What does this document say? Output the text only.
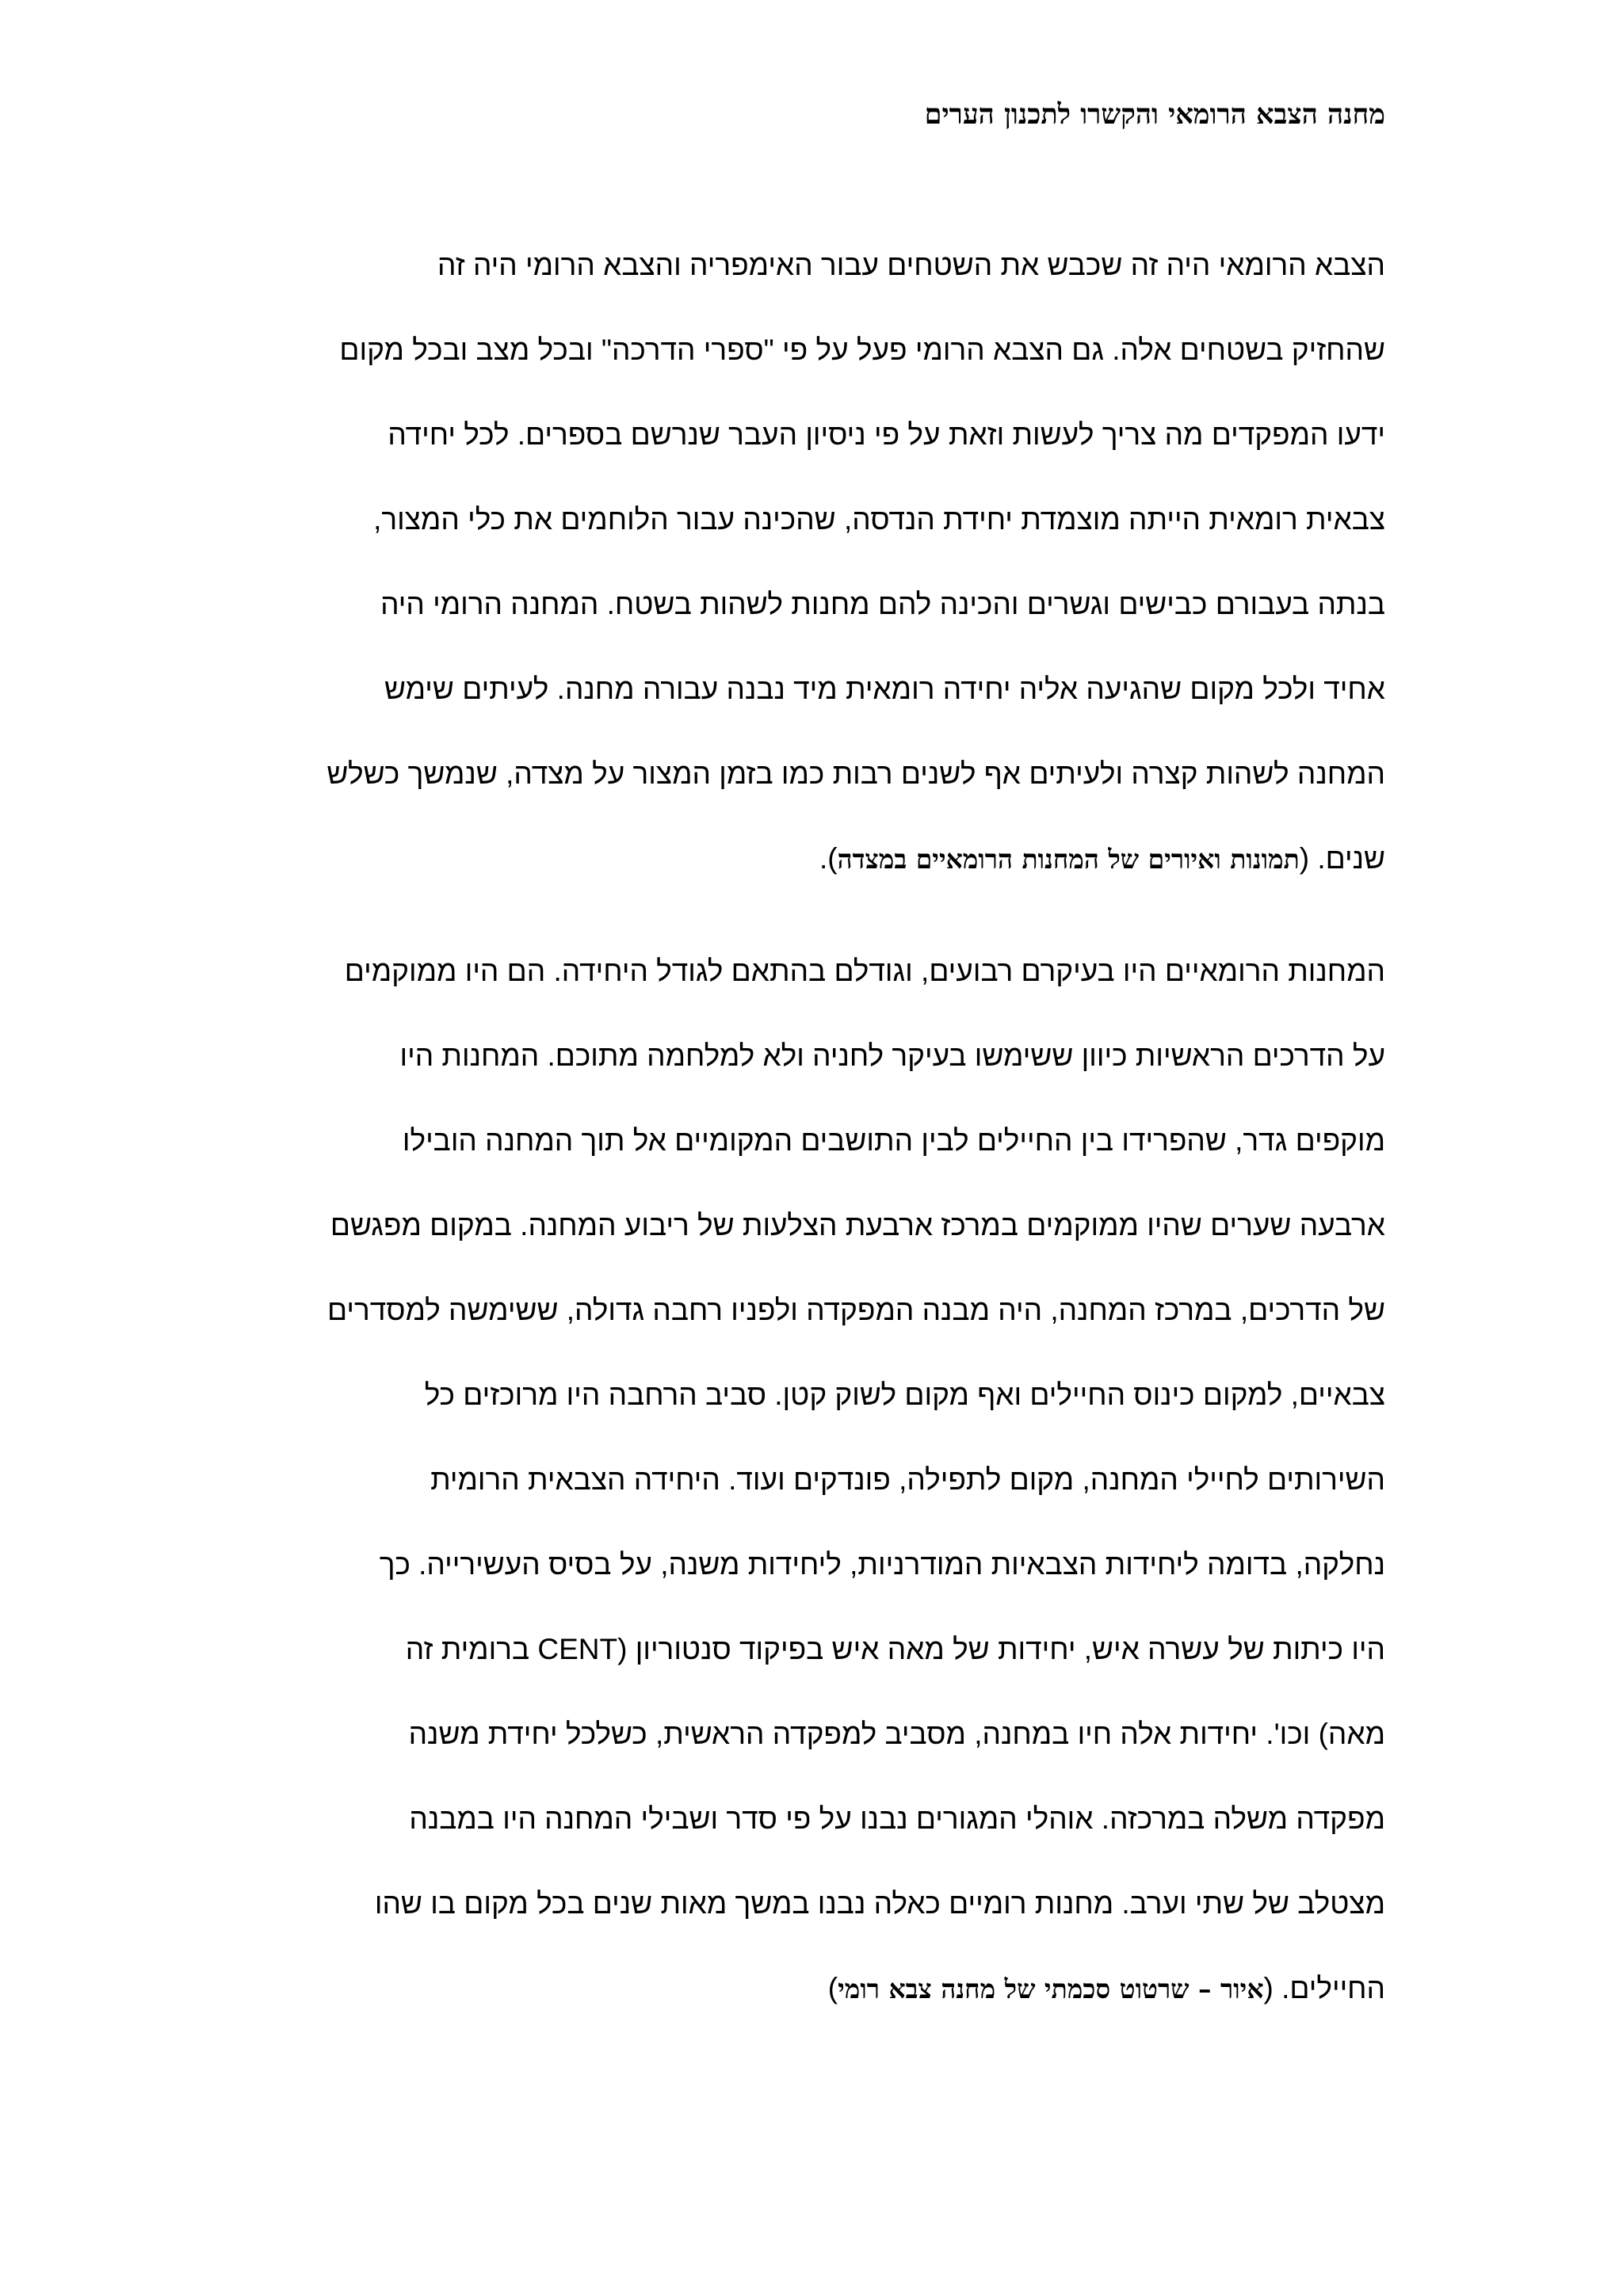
מחנה הצבא הרומאי והקשרו לתכנון הערים
הצבא הרומאי היה זה שכבש את השטחים עבור האימפריה והצבא הרומי היה זה
שהחזיק בשטחים אלה. גם הצבא הרומי פעל על פי "ספרי הדרכה" ובכל מצב ובכל מקום
ידעו המפקדים מה צריך לעשות וזאת על פי ניסיון העבר שנרשם בספרים. לכל יחידה
צבאית רומאית הייתה מוצמדת יחידת הנדסה, שהכינה עבור הלוחמים את כלי המצור,
בנתה בעבורם כבישים וגשרים והכינה להם מחנות לשהות בשטח. המחנה הרומי היה
אחיד ולכל מקום שהגיעה אליה יחידה רומאית מיד נבנה עבורה מחנה. לעיתים שימש
המחנה לשהות קצרה ולעיתים אף לשנים רבות כמו בזמן המצור על מצדה, שנמשך כשלש
שנים. (תמונות ואיורים של המחנות הרומאיים במצדה).
המחנות הרומאיים היו בעיקרם רבועים, וגודלם בהתאם לגודל היחידה. הם היו ממוקמים
על הדרכים הראשיות כיוון ששימשו בעיקר לחניה ולא למלחמה מתוכם. המחנות היו
מוקפים גדר, שהפרידו בין החיילים לבין התושבים המקומיים אל תוך המחנה הובילו
ארבעה שערים שהיו ממוקמים במרכז ארבעת הצלעות של ריבוע המחנה. במקום מפגשם
של הדרכים, במרכז המחנה, היה מבנה המפקדה ולפניו רחבה גדולה, ששימשה למסדרים
צבאיים, למקום כינוס החיילים ואף מקום לשוק קטן. סביב הרחבה היו מרוכזים כל
השירותים לחיילי המחנה, מקום לתפילה, פונדקים ועוד. היחידה הצבאית הרומית
נחלקה, בדומה ליחידות הצבאיות המודרניות, ליחידות משנה, על בסיס העשירייה. כך
היו כיתות של עשרה איש, יחידות של מאה איש בפיקוד סנטוריון (CENT ברומית זה
מאה) וכו'. יחידות אלה חיו במחנה, מסביב למפקדה הראשית, כשלכל יחידת משנה
מפקדה משלה במרכזה. אוהלי המגורים נבנו על פי סדר ושבילי המחנה היו במבנה
מצטלב של שתי וערב. מחנות רומיים כאלה נבנו במשך מאות שנים בכל מקום בו שהו
החיילים. (איור – שרטוט סכמתי של מחנה צבא רומי)
